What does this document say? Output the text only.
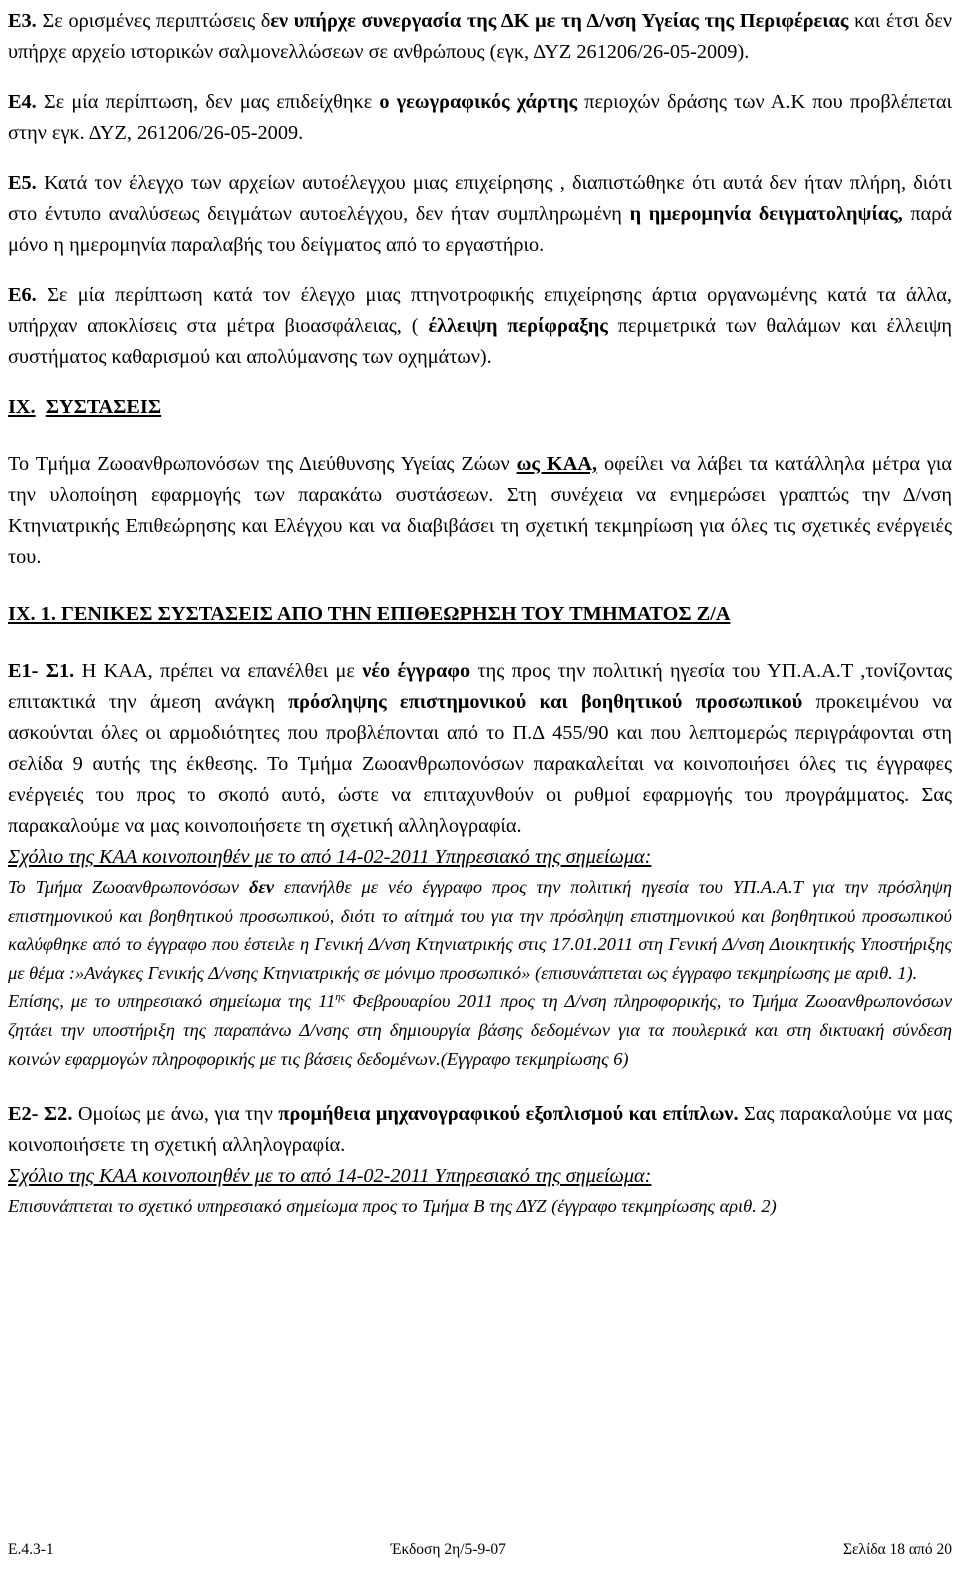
Ε3. Σε ορισμένες περιπτώσεις δεν υπήρχε συνεργασία της ΔΚ με τη Δ/νση Υγείας της Περιφέρειας και έτσι δεν υπήρχε αρχείο ιστορικών σαλμονελλώσεων σε ανθρώπους (εγκ, ΔΥΖ 261206/26-05-2009).

Ε4. Σε μία περίπτωση, δεν μας επιδείχθηκε ο γεωγραφικός χάρτης περιοχών δράσης των Α.Κ που προβλέπεται στην εγκ. ΔΥΖ, 261206/26-05-2009.

Ε5. Κατά τον έλεγχο των αρχείων αυτοέλεγχου μιας επιχείρησης , διαπιστώθηκε ότι αυτά δεν ήταν πλήρη, διότι στο έντυπο αναλύσεως δειγμάτων αυτοελέγχου, δεν ήταν συμπληρωμένη η ημερομηνία δειγματοληψίας, παρά μόνο η ημερομηνία παραλαβής του δείγματος από το εργαστήριο.

Ε6. Σε μία περίπτωση κατά τον έλεγχο μιας πτηνοτροφικής επιχείρησης άρτια οργανωμένης κατά τα άλλα, υπήρχαν αποκλίσεις στα μέτρα βιοασφάλειας, ( έλλειψη περίφραξης περιμετρικά των θαλάμων και έλλειψη συστήματος καθαρισμού και απολύμανσης των οχημάτων).

ΙΧ. ΣΥΣΤΑΣΕΙΣ

Το Τμήμα Ζωοανθρωπονόσων της Διεύθυνσης Υγείας Ζώων ως ΚΑΑ, οφείλει να λάβει τα κατάλληλα μέτρα για την υλοποίηση εφαρμογής των παρακάτω συστάσεων. Στη συνέχεια να ενημερώσει γραπτώς την Δ/νση Κτηνιατρικής Επιθεώρησης και Ελέγχου και να διαβιβάσει τη σχετική τεκμηρίωση για όλες τις σχετικές ενέργειές του.

ΙΧ. 1. ΓΕΝΙΚΕΣ ΣΥΣΤΑΣΕΙΣ ΑΠΟ ΤΗΝ ΕΠΙΘΕΩΡΗΣΗ ΤΟΥ ΤΜΗΜΑΤΟΣ Ζ/Α

Ε1- Σ1. Η ΚΑΑ, πρέπει να επανέλθει με νέο έγγραφο της προς την πολιτική ηγεσία του ΥΠ.Α.Α.Τ ,τονίζοντας επιτακτικά την άμεση ανάγκη πρόσληψης επιστημονικού και βοηθητικού προσωπικού προκειμένου να ασκούνται όλες οι αρμοδιότητες που προβλέπονται από το Π.Δ 455/90 και που λεπτομερώς περιγράφονται στη σελίδα 9 αυτής της έκθεσης. Το Τμήμα Ζωοανθρωπονόσων παρακαλείται να κοινοποιήσει όλες τις έγγραφες ενέργειές του προς το σκοπό αυτό, ώστε να επιταχυνθούν οι ρυθμοί εφαρμογής του προγράμματος. Σας παρακαλούμε να μας κοινοποιήσετε τη σχετική αλληλογραφία.

Σχόλιο της ΚΑΑ κοινοποιηθέν με το από 14-02-2011 Υπηρεσιακό της σημείωμα:

Το Τμήμα Ζωοανθρωπονόσων δεν επανήλθε με νέο έγγραφο προς την πολιτική ηγεσία του ΥΠ.Α.Α.Τ για την πρόσληψη επιστημονικού και βοηθητικού προσωπικού, διότι το αίτημά του για την πρόσληψη επιστημονικού και βοηθητικού προσωπικού καλύφθηκε από το έγγραφο που έστειλε η Γενική Δ/νση Κτηνιατρικής στις 17.01.2011 στη Γενική Δ/νση Διοικητικής Υποστήριξης με θέμα :»Ανάγκες Γενικής Δ/νσης Κτηνιατρικής σε μόνιμο προσωπικό» (επισυνάπτεται ως έγγραφο τεκμηρίωσης με αριθ. 1).

Επίσης, με το υπηρεσιακό σημείωμα της $11^{\eta\varsigma}$ Φεβρουαρίου 2011 προς τη Δ/νση πληροφορικής, το Τμήμα Ζωοανθρωπονόσων ζητάει την υποστήριξη της παραπάνω Δ/νσης στη δημιουργία βάσης δεδομένων για τα πουλερικά και στη δικτυακή σύνδεση κοινών εφαρμογών πληροφορικής με τις βάσεις δεδομένων.(Εγγραφο τεκμηρίωσης 6)

Ε2- Σ2. Ομοίως με άνω, για την προμήθεια μηχανογραφικού εξοπλισμού και επίπλων. Σας παρακαλούμε να μας κοινοποιήσετε τη σχετική αλληλογραφία.

Σχόλιο της ΚΑΑ κοινοποιηθέν με το από 14-02-2011 Υπηρεσιακό της σημείωμα:

Επισυνάπτεται το σχετικό υπηρεσιακό σημείωμα προς το Τμήμα Β της ΔΥΖ (έγγραφο τεκμηρίωσης αριθ. 2)

Ε.4.3-1	Έκδοση 2η/5-9-07	Σελίδα 18 από 20
